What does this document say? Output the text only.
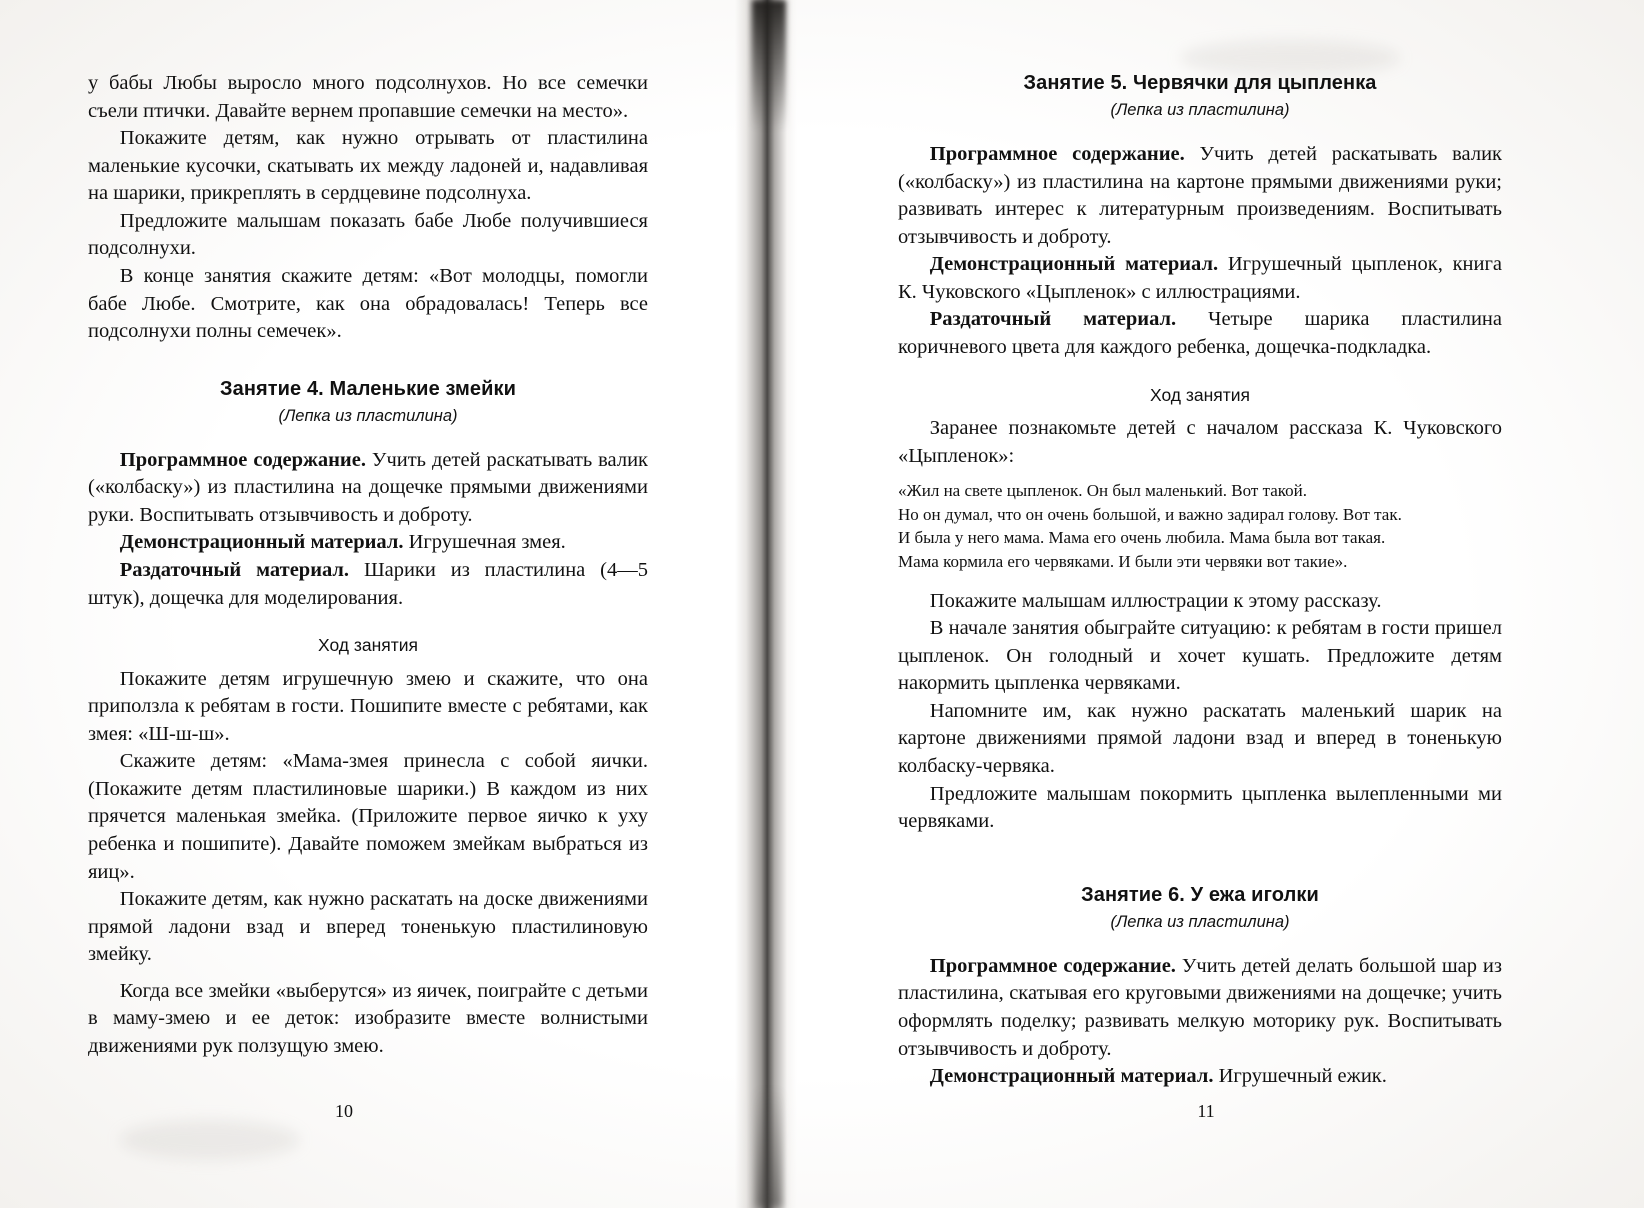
у бабы Любы выросло много подсолнухов. Но все семечки съели птички. Давайте вернем пропавшие семечки на место».

Покажите детям, как нужно отрывать от пластилина маленькие кусочки, скатывать их между ладоней и, надавливая на шарики, прикреплять в сердцевине подсолнуха.

Предложите малышам показать бабе Любе получившиеся подсолнухи.

В конце занятия скажите детям: «Вот молодцы, помогли бабе Любе. Смотрите, как она обрадовалась! Теперь все подсолнухи полны семечек».

Занятие 4. Маленькие змейки

(Лепка из пластилина)

Программное содержание. Учить детей раскатывать валик («колбаску») из пластилина на дощечке прямыми движениями руки. Воспитывать отзывчивость и доброту.

Демонстрационный материал. Игрушечная змея.

Раздаточный материал. Шарики из пластилина (4—5 штук), дощечка для моделирования.

Ход занятия

Покажите детям игрушечную змею и скажите, что она приползла к ребятам в гости. Пошипите вместе с ребятами, как змея: «Ш-ш-ш».

Скажите детям: «Мама-змея принесла с собой яички. (Покажите детям пластилиновые шарики.) В каждом из них прячется маленькая змейка. (Приложите первое яичко к уху ребенка и пошипите). Давайте поможем змейкам выбраться из яиц».

Покажите детям, как нужно раскатать на доске движениями прямой ладони взад и вперед тоненькую пластилиновую змейку.

Когда все змейки «выберутся» из яичек, поиграйте с детьми в маму-змею и ее деток: изобразите вместе волнистыми движениями рук ползущую змею.

10

Занятие 5. Червячки для цыпленка

(Лепка из пластилина)

Программное содержание. Учить детей раскатывать валик («колбаску») из пластилина на картоне прямыми движениями руки; развивать интерес к литературным произведениям. Воспитывать отзывчивость и доброту.

Демонстрационный материал. Игрушечный цыпленок, книга К. Чуковского «Цыпленок» с иллюстрациями.

Раздаточный материал. Четыре шарика пластилина коричневого цвета для каждого ребенка, дощечка-подкладка.

Ход занятия

Заранее познакомьте детей с началом рассказа К. Чуковского «Цыпленок»:

«Жил на свете цыпленок. Он был маленький. Вот такой.

Но он думал, что он очень большой, и важно задирал голову. Вот так.

И была у него мама. Мама его очень любила. Мама была вот такая.

Мама кормила его червяками. И были эти червяки вот такие».

Покажите малышам иллюстрации к этому рассказу.

В начале занятия обыграйте ситуацию: к ребятам в гости пришел цыпленок. Он голодный и хочет кушать. Предложите детям накормить цыпленка червяками.

Напомните им, как нужно раскатать маленький шарик на картоне движениями прямой ладони взад и вперед в тоненькую колбаску-червяка.

Предложите малышам покормить цыпленка вылепленными ми червяками.

Занятие 6. У ежа иголки

(Лепка из пластилина)

Программное содержание. Учить детей делать большой шар из пластилина, скатывая его круговыми движениями на дощечке; учить оформлять поделку; развивать мелкую моторику рук. Воспитывать отзывчивость и доброту.

Демонстрационный материал. Игрушечный ежик.

11
